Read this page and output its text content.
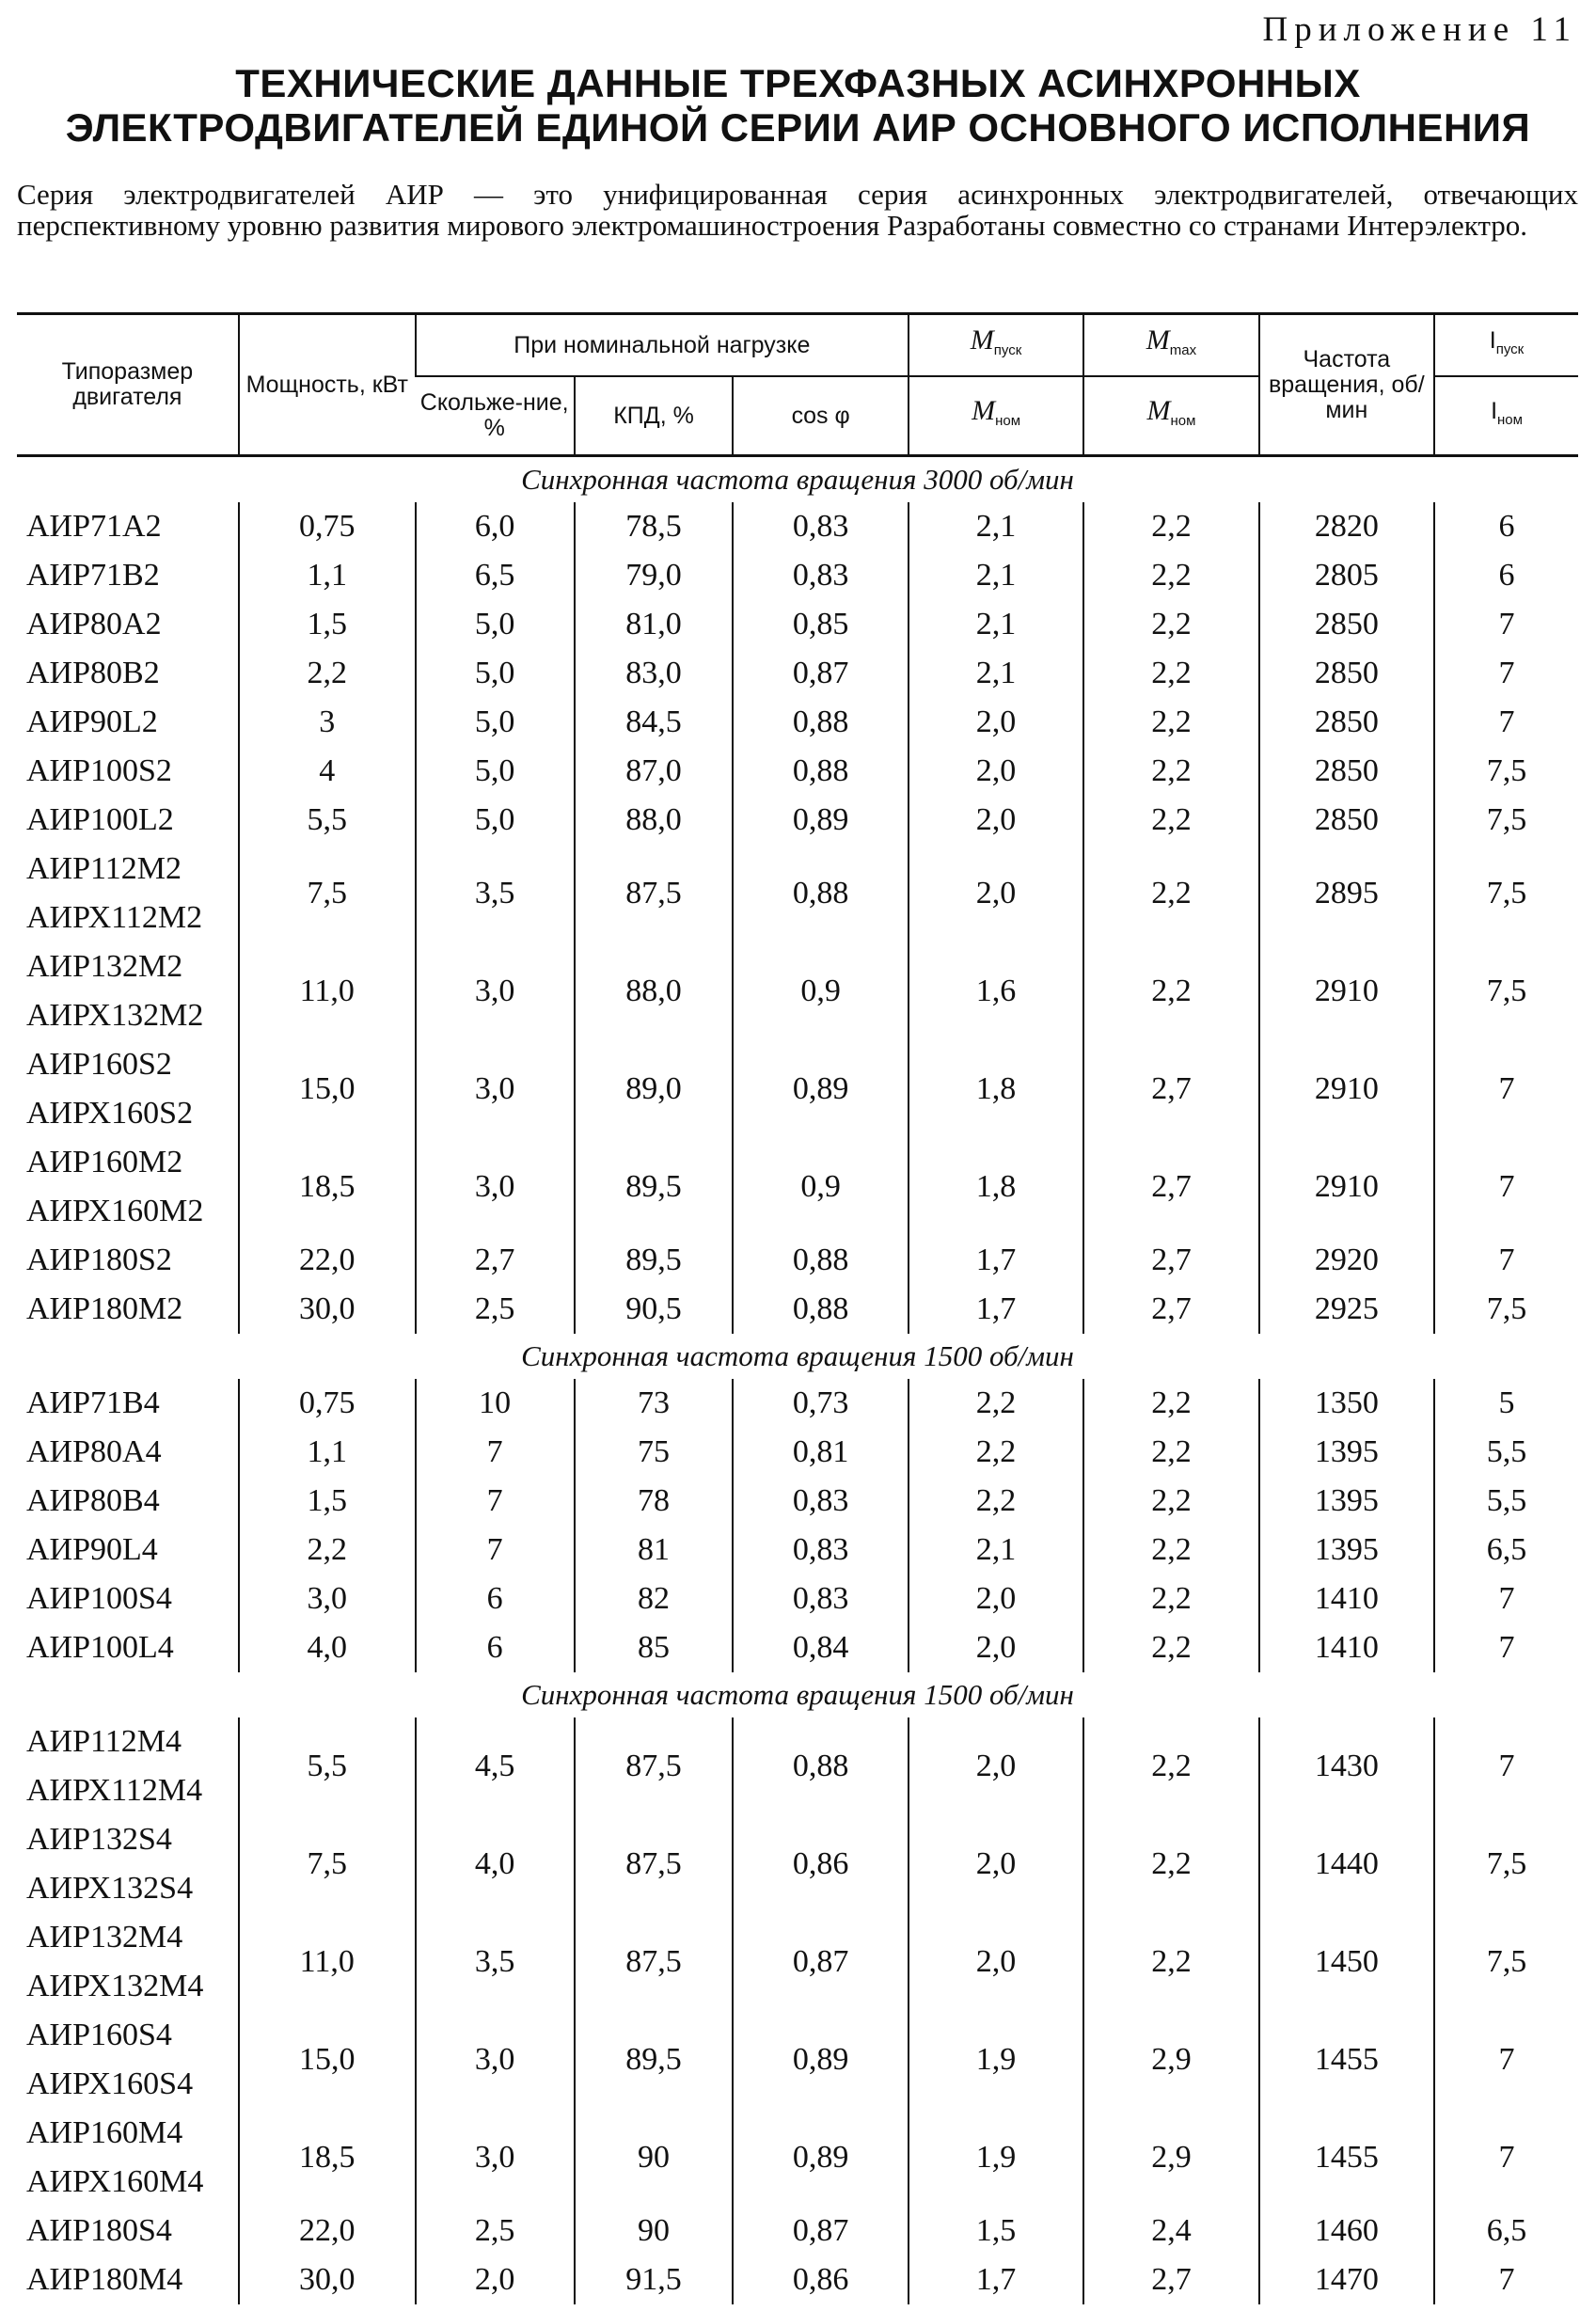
Приложение 11
ТЕХНИЧЕСКИЕ ДАННЫЕ ТРЕХФАЗНЫХ АСИНХРОННЫХ
ЭЛЕКТРОДВИГАТЕЛЕЙ ЕДИНОЙ СЕРИИ АИР ОСНОВНОГО ИСПОЛНЕНИЯ
Серия электродвигателей АИР — это унифицированная серия асинхронных электродвигателей, отвечающих перспективному уровню развития мирового электромашиностроения Разработаны совместно со странами Интерэлектро.
Типоразмер двигателя	Мощность, кВт	При номинальной нагрузке			$M_{пуск}$	$M_{max}$	Частота вращения, об/мин	$I_{пуск}$
		Скольже-ние, %	КПД, %	cos φ	$M_{ном}$	$M_{ном}$		$I_{ном}$
Синхронная частота вращения 3000 об/мин								

АИР71А2	0,75	6,0	78,5	0,83	2,1	2,2	2820	6

АИР71В2	1,1	6,5	79,0	0,83	2,1	2,2	2805	6

АИР80А2	1,5	5,0	81,0	0,85	2,1	2,2	2850	7

АИР80В2	2,2	5,0	83,0	0,87	2,1	2,2	2850	7

АИР90L2	3	5,0	84,5	0,88	2,0	2,2	2850	7

АИР100S2	4	5,0	87,0	0,88	2,0	2,2	2850	7,5

АИР100L2	5,5	5,0	88,0	0,89	2,0	2,2	2850	7,5

АИР112М2
АИРХ112М2	7,5	3,5	87,5	0,88	2,0	2,2	2895	7,5

АИР132М2
АИРХ132М2	11,0	3,0	88,0	0,9	1,6	2,2	2910	7,5

АИР160S2
АИРХ160S2	15,0	3,0	89,0	0,89	1,8	2,7	2910	7

АИР160М2
АИРХ160М2	18,5	3,0	89,5	0,9	1,8	2,7	2910	7

АИР180S2	22,0	2,7	89,5	0,88	1,7	2,7	2920	7

АИР180М2	30,0	2,5	90,5	0,88	1,7	2,7	2925	7,5
Синхронная частота вращения 1500 об/мин								

АИР71В4	0,75	10	73	0,73	2,2	2,2	1350	5

АИР80А4	1,1	7	75	0,81	2,2	2,2	1395	5,5

АИР80В4	1,5	7	78	0,83	2,2	2,2	1395	5,5

АИР90L4	2,2	7	81	0,83	2,1	2,2	1395	6,5

АИР100S4	3,0	6	82	0,83	2,0	2,2	1410	7

АИР100L4	4,0	6	85	0,84	2,0	2,2	1410	7
Синхронная частота вращения 1500 об/мин								

АИР112М4
АИРХ112М4	5,5	4,5	87,5	0,88	2,0	2,2	1430	7

АИР132S4
АИРХ132S4	7,5	4,0	87,5	0,86	2,0	2,2	1440	7,5

АИР132М4
АИРХ132М4	11,0	3,5	87,5	0,87	2,0	2,2	1450	7,5

АИР160S4
АИРХ160S4	15,0	3,0	89,5	0,89	1,9	2,9	1455	7

АИР160М4
АИРХ160М4	18,5	3,0	90	0,89	1,9	2,9	1455	7

АИР180S4	22,0	2,5	90	0,87	1,5	2,4	1460	6,5

АИР180М4	30,0	2,0	91,5	0,86	1,7	2,7	1470	7
